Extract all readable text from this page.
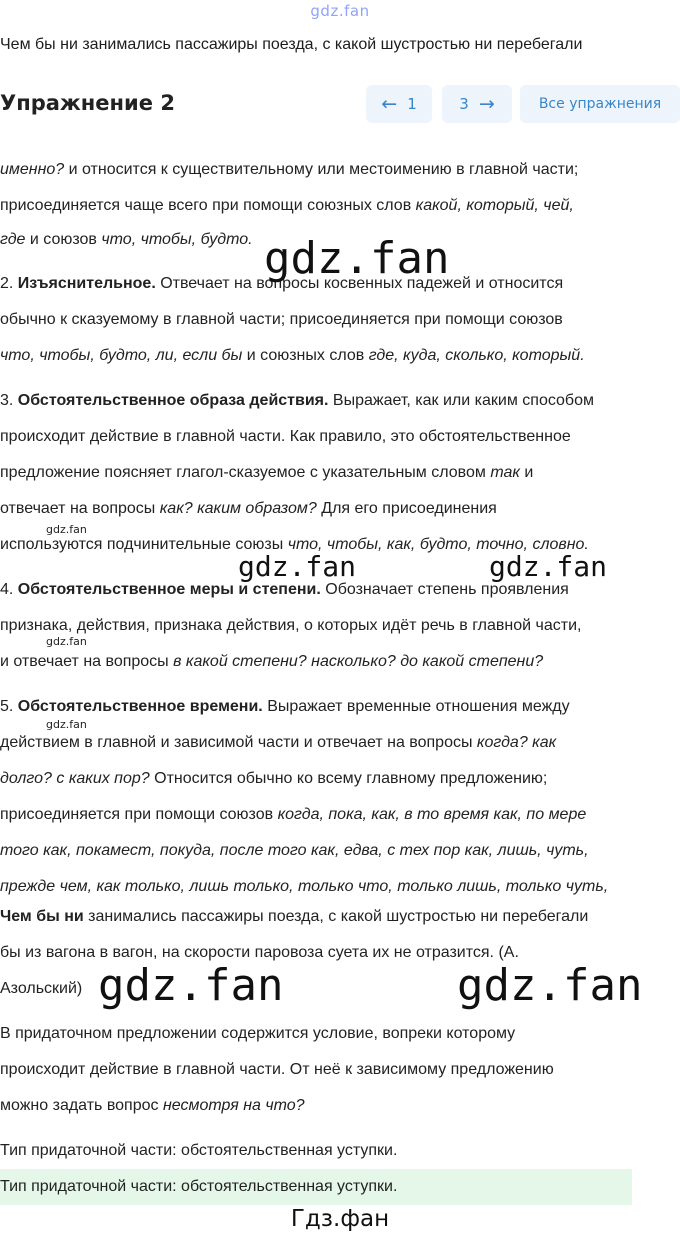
gdz.fan
Чем бы ни занимались пассажиры поезда, с какой шустростью ни перебегали
Упражнение 2	← 1	3 →	Все упражнения
именно? и относится к существительному или местоимению в главной части;
присоединяется чаще всего при помощи союзных слов какой, который, чей,
где и союзов что, чтобы, будто.
2. Изъяснительное. Отвечает на вопросы косвенных падежей и относится
обычно к сказуемому в главной части; присоединяется при помощи союзов
что, чтобы, будто, ли, если бы и союзных слов где, куда, сколько, который.
3. Обстоятельственное образа действия. Выражает, как или каким способом
происходит действие в главной части. Как правило, это обстоятельственное
предложение поясняет глагол-сказуемое с указательным словом так и
отвечает на вопросы как? каким образом? Для его присоединения
используются подчинительные союзы что, чтобы, как, будто, точно, словно.
4. Обстоятельственное меры и степени. Обозначает степень проявления
признака, действия, признака действия, о которых идёт речь в главной части,
и отвечает на вопросы в какой степени? насколько? до какой степени?
5. Обстоятельственное времени. Выражает временные отношения между
действием в главной и зависимой части и отвечает на вопросы когда? как
долго? с каких пор? Относится обычно ко всему главному предложению;
присоединяется при помощи союзов когда, пока, как, в то время как, по мере
того как, покамест, покуда, после того как, едва, с тех пор как, лишь, чуть,
прежде чем, как только, лишь только, только что, только лишь, только чуть,
Чем бы ни занимались пассажиры поезда, с какой шустростью ни перебегали
бы из вагона в вагон, на скорости паровоза суета их не отразится. (А.
Азольский)
В придаточном предложении содержится условие, вопреки которому
происходит действие в главной части. От неё к зависимому предложению
можно задать вопрос несмотря на что?
Тип придаточной части: обстоятельственная уступки.
Тип придаточной части: обстоятельственная уступки.
gdz.fan
gdz.fan	gdz.fan
gdz.fan	gdz.fan
gdz.fan
gdz.fan
gdz.fan
Гдз.фан
